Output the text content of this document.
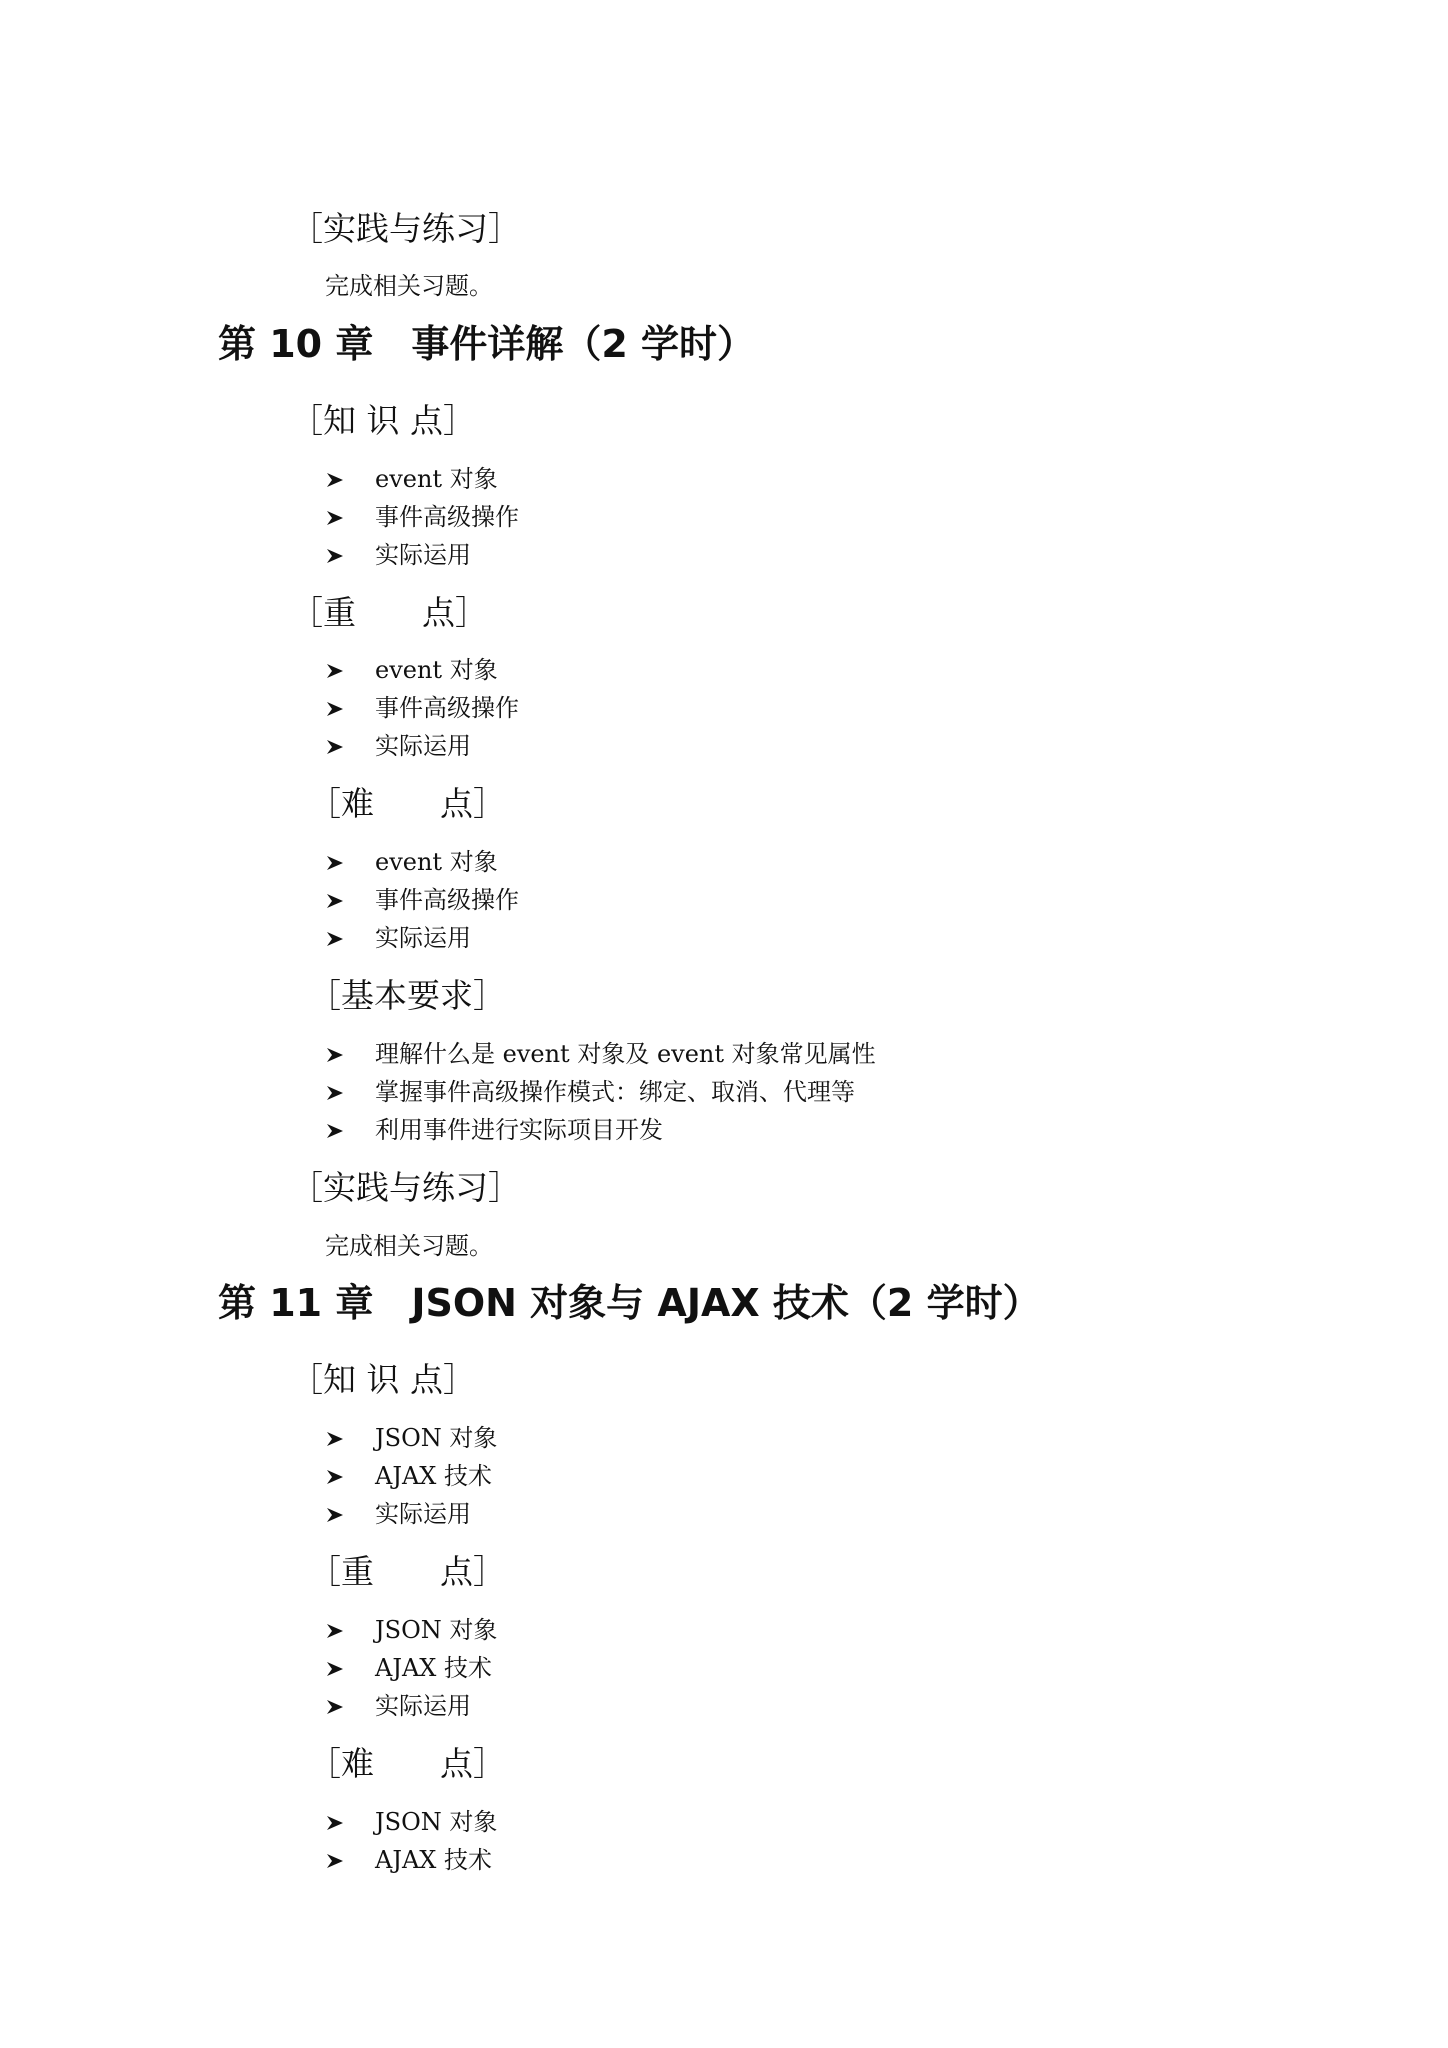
［实践与练习］
完成相关习题。
第 10 章　事件详解（2 学时）
［知 识 点］
event 对象
事件高级操作
实际运用
［重　　点］
event 对象
事件高级操作
实际运用
［难　　点］
event 对象
事件高级操作
实际运用
［基本要求］
理解什么是 event 对象及 event 对象常见属性
掌握事件高级操作模式：绑定、取消、代理等
利用事件进行实际项目开发
［实践与练习］
完成相关习题。
第 11 章　JSON 对象与 AJAX 技术（2 学时）
［知 识 点］
JSON 对象
AJAX 技术
实际运用
［重　　点］
JSON 对象
AJAX 技术
实际运用
［难　　点］
JSON 对象
AJAX 技术
